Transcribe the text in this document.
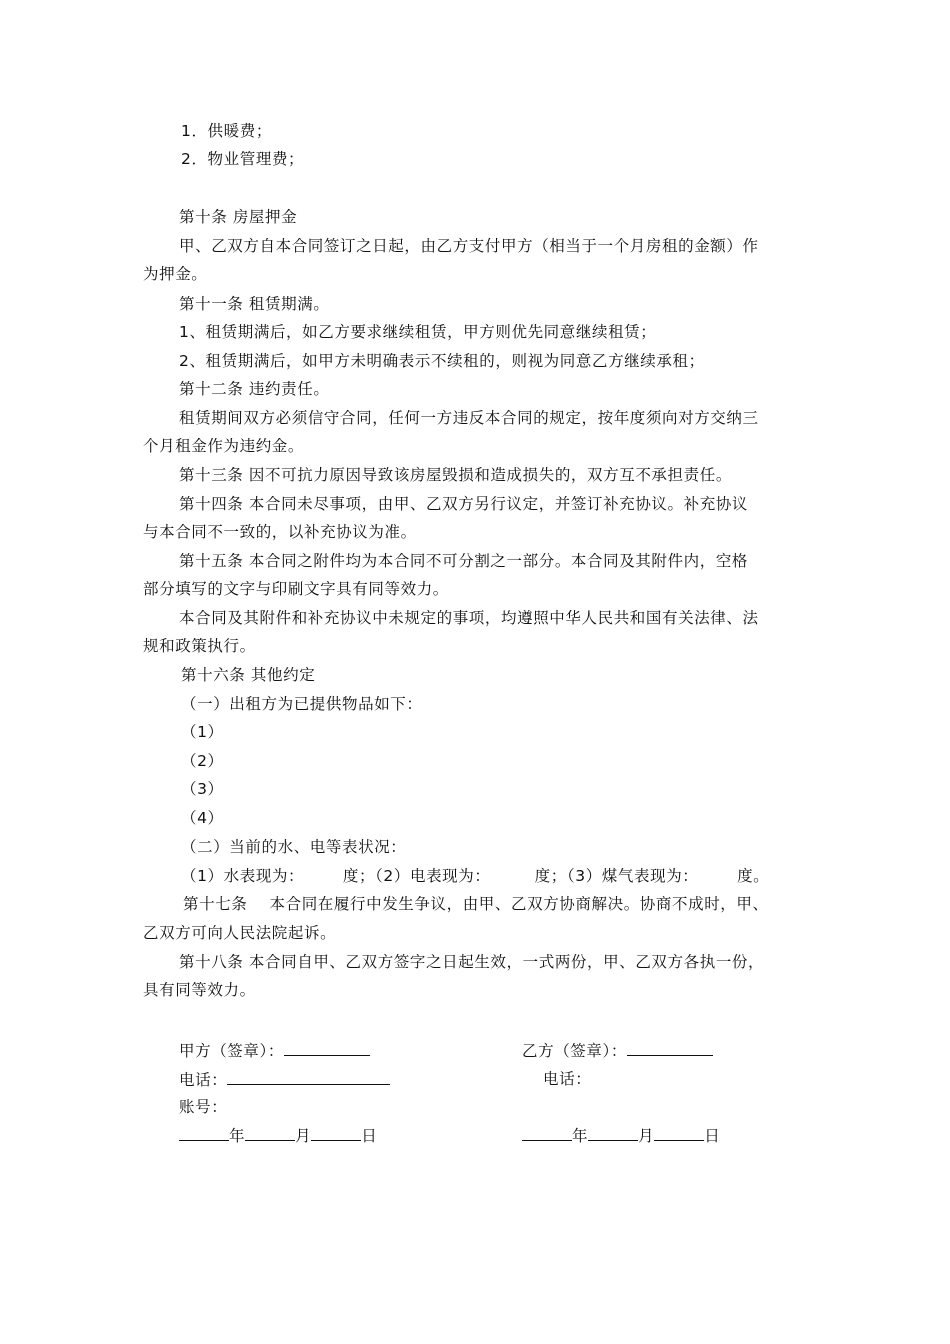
1．供暖费；
2．物业管理费；
第十条 房屋押金
甲、乙双方自本合同签订之日起，由乙方支付甲方（相当于一个月房租的金额）作
为押金。
第十一条 租赁期满。
1、租赁期满后，如乙方要求继续租赁，甲方则优先同意继续租赁；
2、租赁期满后，如甲方未明确表示不续租的，则视为同意乙方继续承租；
第十二条 违约责任。
租赁期间双方必须信守合同，任何一方违反本合同的规定，按年度须向对方交纳三
个月租金作为违约金。
第十三条 因不可抗力原因导致该房屋毁损和造成损失的，双方互不承担责任。
第十四条 本合同未尽事项，由甲、乙双方另行议定，并签订补充协议。补充协议
与本合同不一致的，以补充协议为准。
第十五条 本合同之附件均为本合同不可分割之一部分。本合同及其附件内，空格
部分填写的文字与印刷文字具有同等效力。
本合同及其附件和补充协议中未规定的事项，均遵照中华人民共和国有关法律、法
规和政策执行。
第十六条 其他约定
（一）出租方为已提供物品如下：
（1）
（2）
（3）
（4）
（二）当前的水、电等表状况：
（1）水表现为：       度；（2）电表现为：        度；（3）煤气表现为：       度。
第十七条    本合同在履行中发生争议，由甲、乙双方协商解决。协商不成时，甲、
乙双方可向人民法院起诉。
第十八条 本合同自甲、乙双方签字之日起生效，一式两份，甲、乙双方各执一份，
具有同等效力。
甲方（签章）：	乙方（签章）：
电话：	电话：
账号：
年	月	日	年	月	日
